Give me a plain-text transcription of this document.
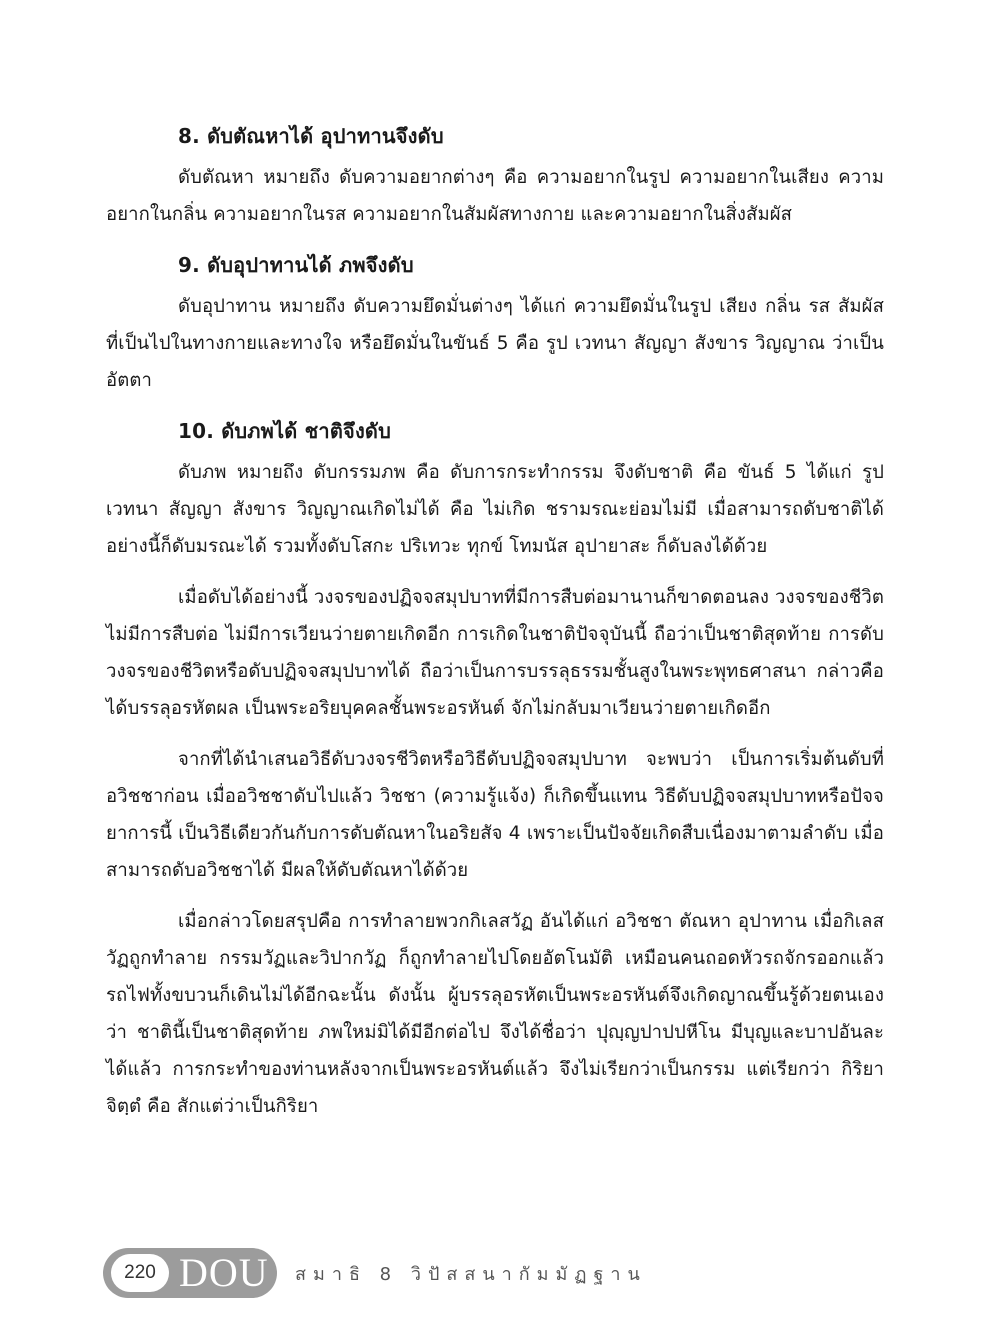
8. ดับตัณหาได้ อุปาทานจึงดับ

ดับตัณหา หมายถึง ดับความอยากต่างๆ คือ ความอยากในรูป ความอยากในเสียง ความอยากในกลิ่น ความอยากในรส ความอยากในสัมผัสทางกาย และความอยากในสิ่งสัมผัส

9. ดับอุปาทานได้ ภพจึงดับ

ดับอุปาทาน หมายถึง ดับความยึดมั่นต่างๆ ได้แก่ ความยึดมั่นในรูป เสียง กลิ่น รส สัมผัส ที่เป็นไปในทางกายและทางใจ หรือยึดมั่นในขันธ์ 5 คือ รูป เวทนา สัญญา สังขาร วิญญาณ ว่าเป็นอัตตา

10. ดับภพได้ ชาติจึงดับ

ดับภพ หมายถึง ดับกรรมภพ คือ ดับการกระทำกรรม จึงดับชาติ คือ ขันธ์ 5 ได้แก่ รูป เวทนา สัญญา สังขาร วิญญาณเกิดไม่ได้ คือ ไม่เกิด ชรามรณะย่อมไม่มี เมื่อสามารถดับชาติได้อย่างนี้ก็ดับมรณะได้ รวมทั้งดับโสกะ ปริเทวะ ทุกข์ โทมนัส อุปายาสะ ก็ดับลงได้ด้วย

เมื่อดับได้อย่างนี้ วงจรของปฏิจจสมุปบาทที่มีการสืบต่อมานานก็ขาดตอนลง วงจรของชีวิตไม่มีการสืบต่อ ไม่มีการเวียนว่ายตายเกิดอีก การเกิดในชาติปัจจุบันนี้ ถือว่าเป็นชาติสุดท้าย การดับวงจรของชีวิตหรือดับปฏิจจสมุปบาทได้ ถือว่าเป็นการบรรลุธรรมชั้นสูงในพระพุทธศาสนา กล่าวคือ ได้บรรลุอรหัตผล เป็นพระอริยบุคคลชั้นพระอรหันต์ จักไม่กลับมาเวียนว่ายตายเกิดอีก

จากที่ได้นำเสนอวิธีดับวงจรชีวิตหรือวิธีดับปฏิจจสมุปบาท จะพบว่า เป็นการเริ่มต้นดับที่อวิชชาก่อน เมื่ออวิชชาดับไปแล้ว วิชชา (ความรู้แจ้ง) ก็เกิดขึ้นแทน วิธีดับปฏิจจสมุปบาทหรือปัจจยาการนี้ เป็นวิธีเดียวกันกับการดับตัณหาในอริยสัจ 4 เพราะเป็นปัจจัยเกิดสืบเนื่องมาตามลำดับ เมื่อสามารถดับอวิชชาได้ มีผลให้ดับตัณหาได้ด้วย

เมื่อกล่าวโดยสรุปคือ การทำลายพวกกิเลสวัฏ อันได้แก่ อวิชชา ตัณหา อุปาทาน เมื่อกิเลสวัฏถูกทำลาย กรรมวัฏและวิปากวัฏ ก็ถูกทำลายไปโดยอัตโนมัติ เหมือนคนถอดหัวรถจักรออกแล้ว รถไฟทั้งขบวนก็เดินไม่ได้อีกฉะนั้น ดังนั้น ผู้บรรลุอรหัตเป็นพระอรหันต์จึงเกิดญาณขึ้นรู้ด้วยตนเองว่า ชาตินี้เป็นชาติสุดท้าย ภพใหม่มิได้มีอีกต่อไป จึงได้ชื่อว่า ปุญฺญปาปปหีโน มีบุญและบาปอันละได้แล้ว การกระทำของท่านหลังจากเป็นพระอรหันต์แล้ว จึงไม่เรียกว่าเป็นกรรม แต่เรียกว่า กิริยาจิตฺตํ คือ สักแต่ว่าเป็นกิริยา

220 DOU สมาธิ 8 วิปัสสนากัมมัฏฐาน
